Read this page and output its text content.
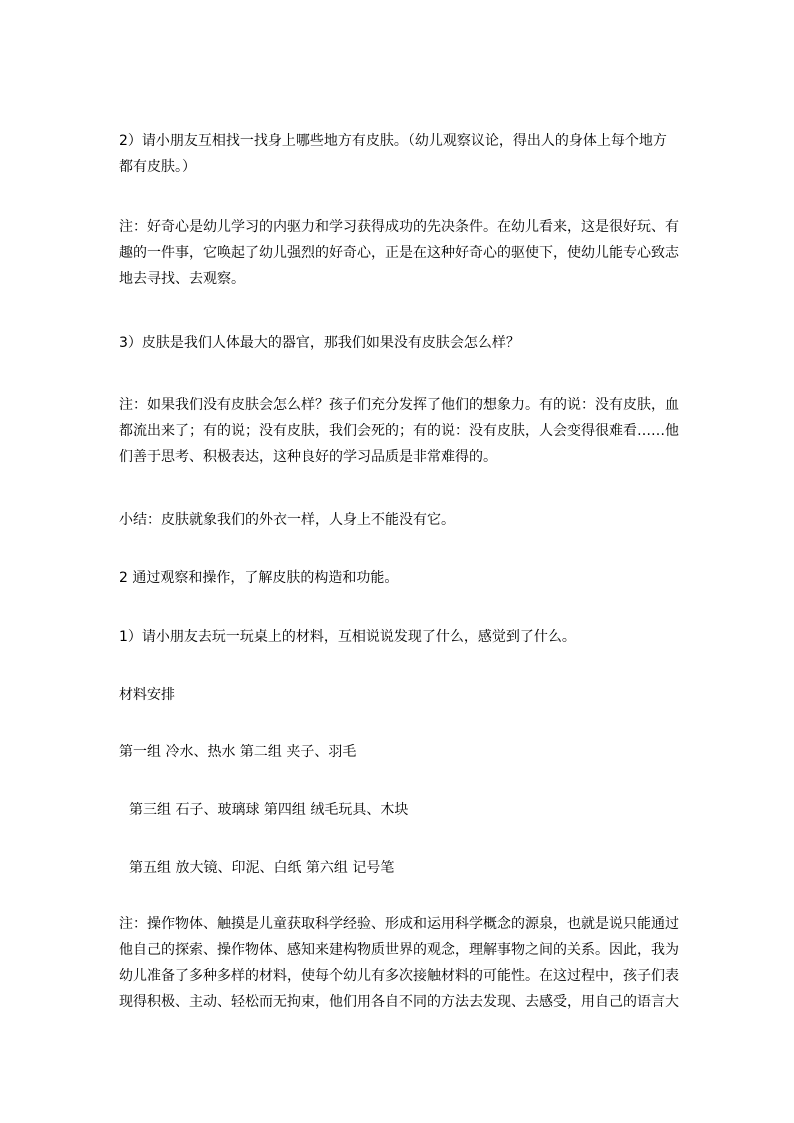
2）请小朋友互相找一找身上哪些地方有皮肤。（幼儿观察议论，得出人的身体上每个地方
都有皮肤。）

注：好奇心是幼儿学习的内驱力和学习获得成功的先决条件。在幼儿看来，这是很好玩、有
趣的一件事，它唤起了幼儿强烈的好奇心，正是在这种好奇心的驱使下，使幼儿能专心致志
地去寻找、去观察。

3）皮肤是我们人体最大的器官，那我们如果没有皮肤会怎么样？

注：如果我们没有皮肤会怎么样？孩子们充分发挥了他们的想象力。有的说：没有皮肤，血
都流出来了；有的说；没有皮肤，我们会死的；有的说：没有皮肤，人会变得很难看……他
们善于思考、积极表达，这种良好的学习品质是非常难得的。

小结：皮肤就象我们的外衣一样，人身上不能没有它。

2 通过观察和操作，了解皮肤的构造和功能。

1）请小朋友去玩一玩桌上的材料，互相说说发现了什么，感觉到了什么。

材料安排

第一组 冷水、热水 第二组 夹子、羽毛

第三组 石子、玻璃球 第四组 绒毛玩具、木块

第五组 放大镜、印泥、白纸 第六组 记号笔

注：操作物体、触摸是儿童获取科学经验、形成和运用科学概念的源泉，也就是说只能通过
他自己的探索、操作物体、感知来建构物质世界的观念，理解事物之间的关系。因此，我为
幼儿准备了多种多样的材料，使每个幼儿有多次接触材料的可能性。在这过程中，孩子们表
现得积极、主动、轻松而无拘束，他们用各自不同的方法去发现、去感受，用自己的语言大
